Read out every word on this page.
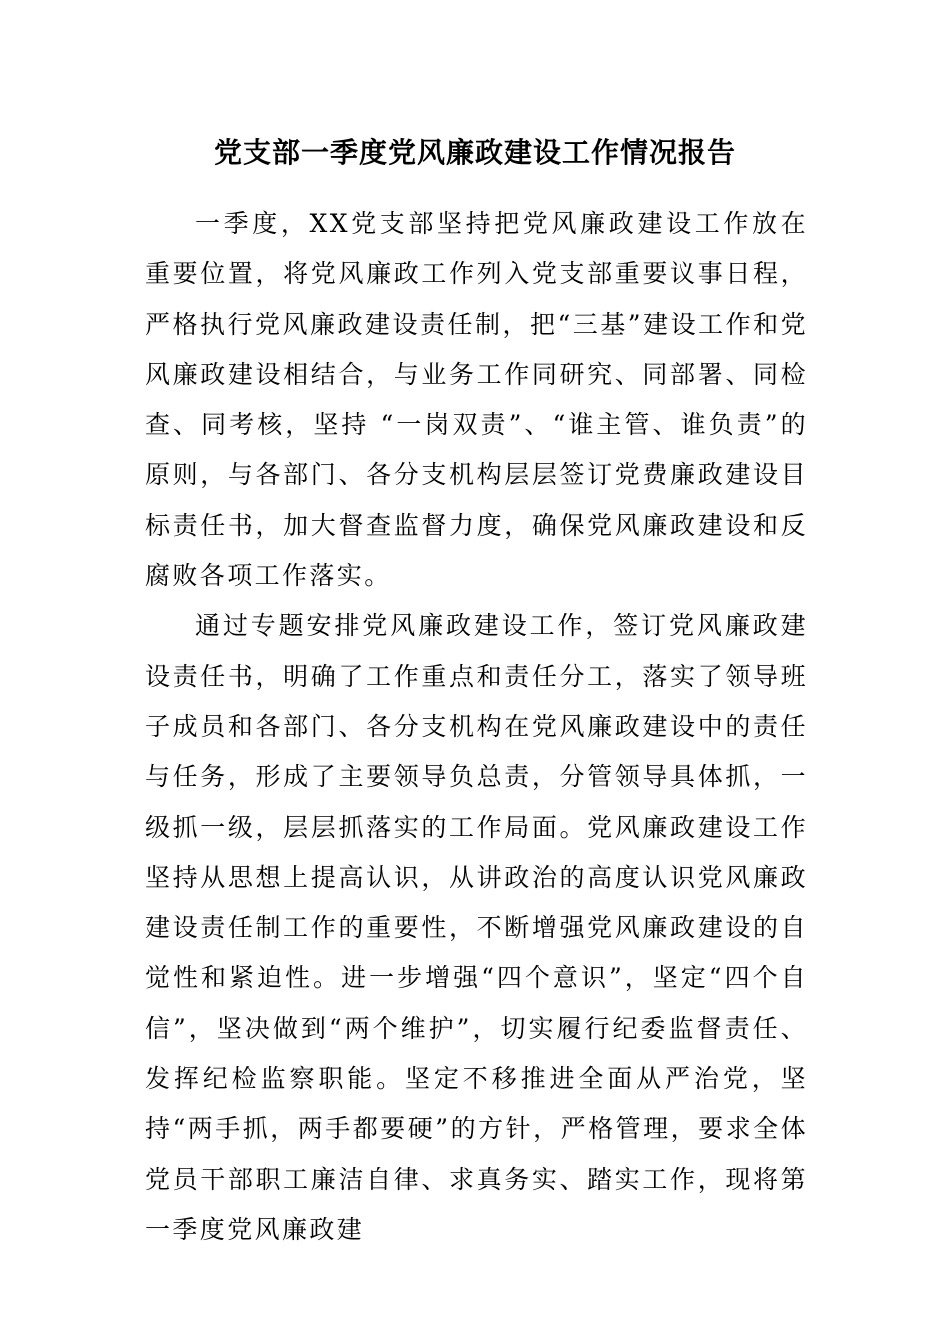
党支部一季度党风廉政建设工作情况报告

一季度，XX党支部坚持把党风廉政建设工作放在重要位置，将党风廉政工作列入党支部重要议事日程，严格执行党风廉政建设责任制，把“三基”建设工作和党风廉政建设相结合，与业务工作同研究、同部署、同检查、同考核，坚持 “一岗双责”、“谁主管、谁负责”的原则，与各部门、各分支机构层层签订党费廉政建设目标责任书，加大督查监督力度，确保党风廉政建设和反腐败各项工作落实。

通过专题安排党风廉政建设工作，签订党风廉政建设责任书，明确了工作重点和责任分工，落实了领导班子成员和各部门、各分支机构在党风廉政建设中的责任与任务，形成了主要领导负总责，分管领导具体抓，一级抓一级，层层抓落实的工作局面。党风廉政建设工作坚持从思想上提高认识，从讲政治的高度认识党风廉政建设责任制工作的重要性，不断增强党风廉政建设的自觉性和紧迫性。进一步增强“四个意识”，坚定“四个自信”，坚决做到“两个维护”，切实履行纪委监督责任、发挥纪检监察职能。坚定不移推进全面从严治党，坚持“两手抓，两手都要硬”的方针，严格管理，要求全体党员干部职工廉洁自律、求真务实、踏实工作，现将第一季度党风廉政建
